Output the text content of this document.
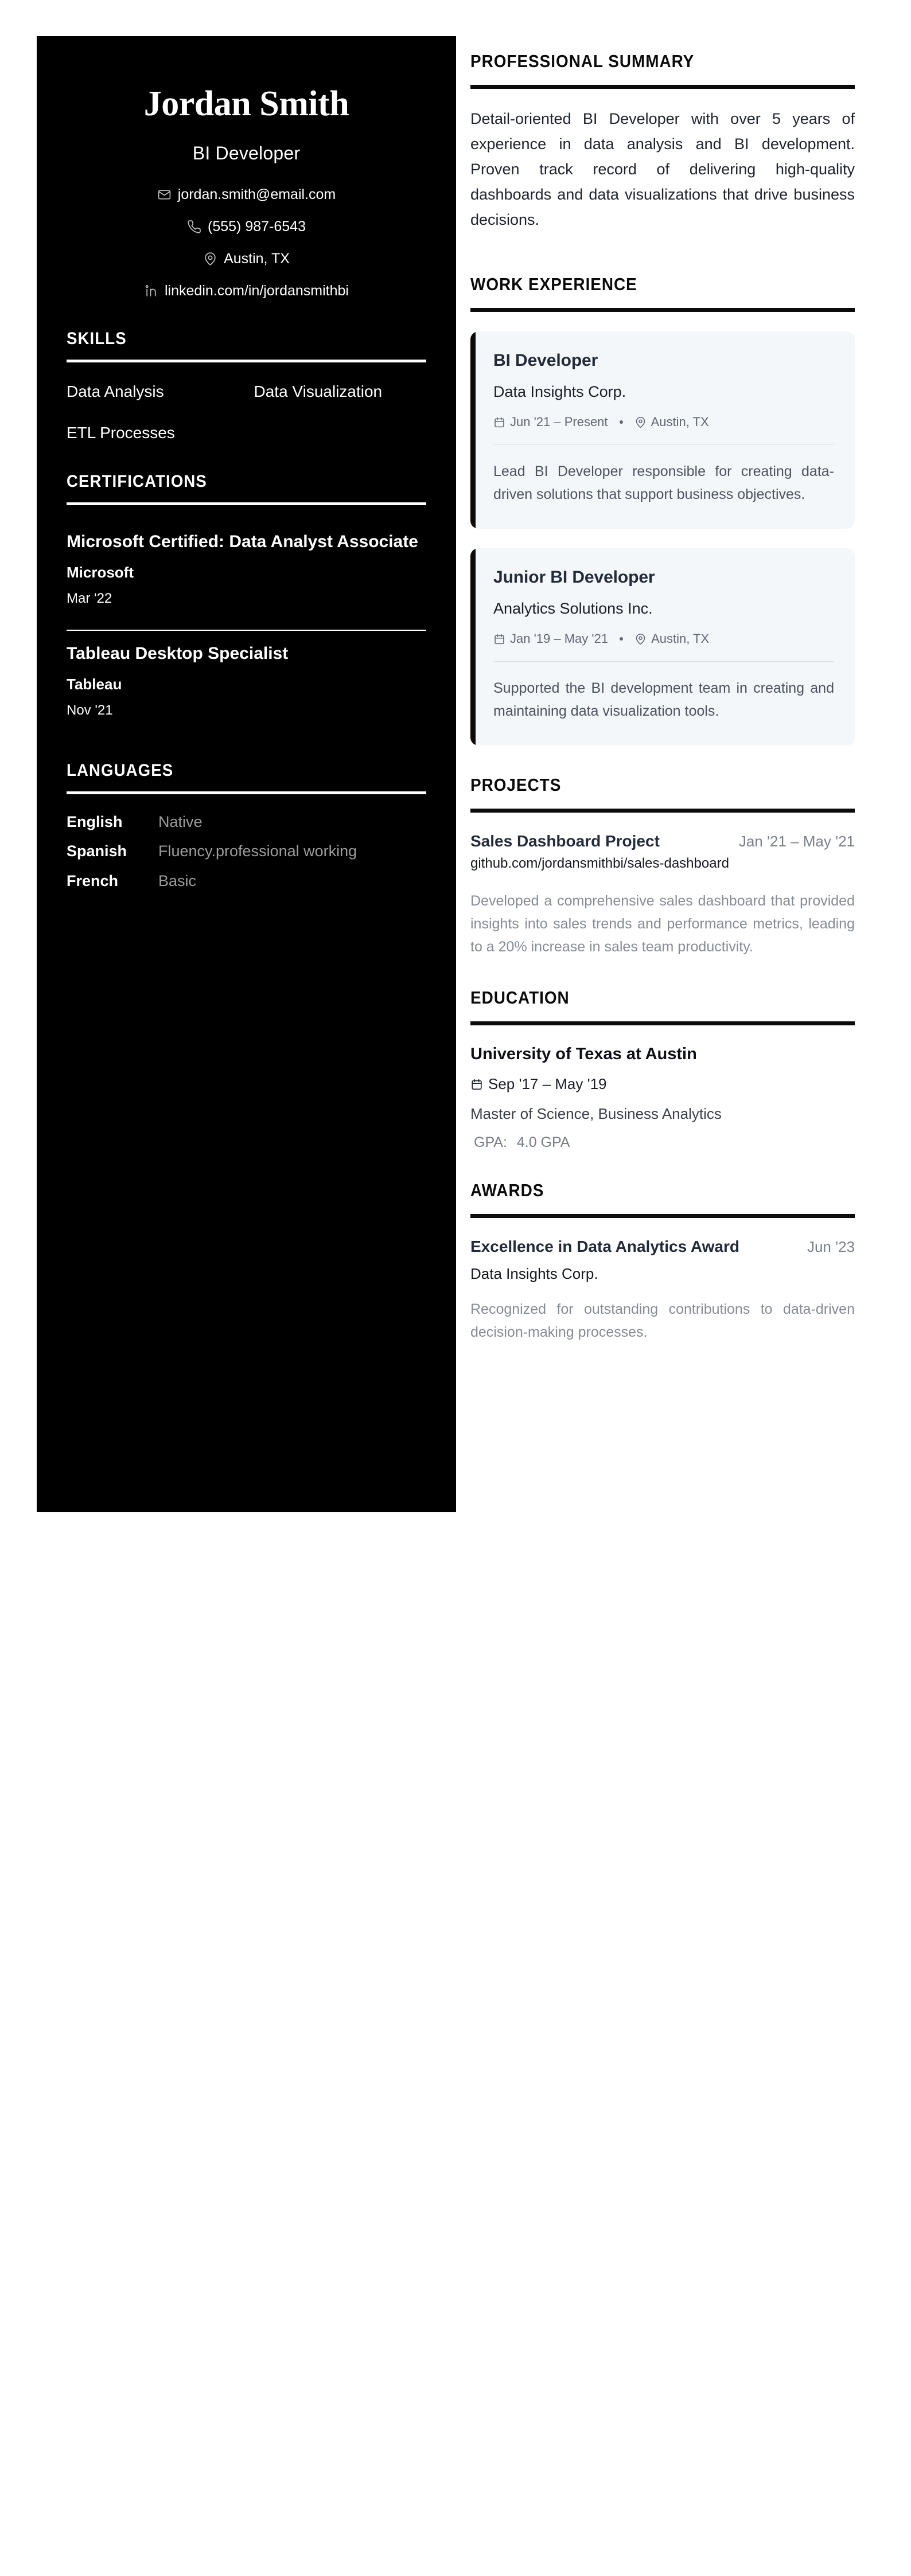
Jordan Smith
BI Developer
jordan.smith@email.com
(555) 987-6543
Austin, TX
linkedin.com/in/jordansmithbi
SKILLS
Data Analysis	Data Visualization
ETL Processes
CERTIFICATIONS
Microsoft Certified: Data Analyst Associate
Microsoft
Mar '22
Tableau Desktop Specialist
Tableau
Nov '21
LANGUAGES
English	Native
Spanish	Fluency.professional working
French	Basic
PROFESSIONAL SUMMARY

Detail-oriented BI Developer with over 5 years of experience in data analysis and BI development. Proven track record of delivering high-quality dashboards and data visualizations that drive business decisions.

WORK EXPERIENCE
BI Developer
Data Insights Corp.
Jun '21 – Present	Austin, TX

Lead BI Developer responsible for creating data-driven solutions that support business objectives.

Junior BI Developer
Analytics Solutions Inc.
Jan '19 – May '21	Austin, TX

Supported the BI development team in creating and maintaining data visualization tools.

PROJECTS
Sales Dashboard Project	Jan '21 – May '21
github.com/jordansmithbi/sales-dashboard

Developed a comprehensive sales dashboard that provided insights into sales trends and performance metrics, leading to a 20% increase in sales team productivity.

EDUCATION
University of Texas at Austin
Sep '17 – May '19
Master of Science, Business Analytics
GPA: 4.0 GPA
AWARDS
Excellence in Data Analytics Award	Jun '23
Data Insights Corp.

Recognized for outstanding contributions to data-driven decision-making processes.
